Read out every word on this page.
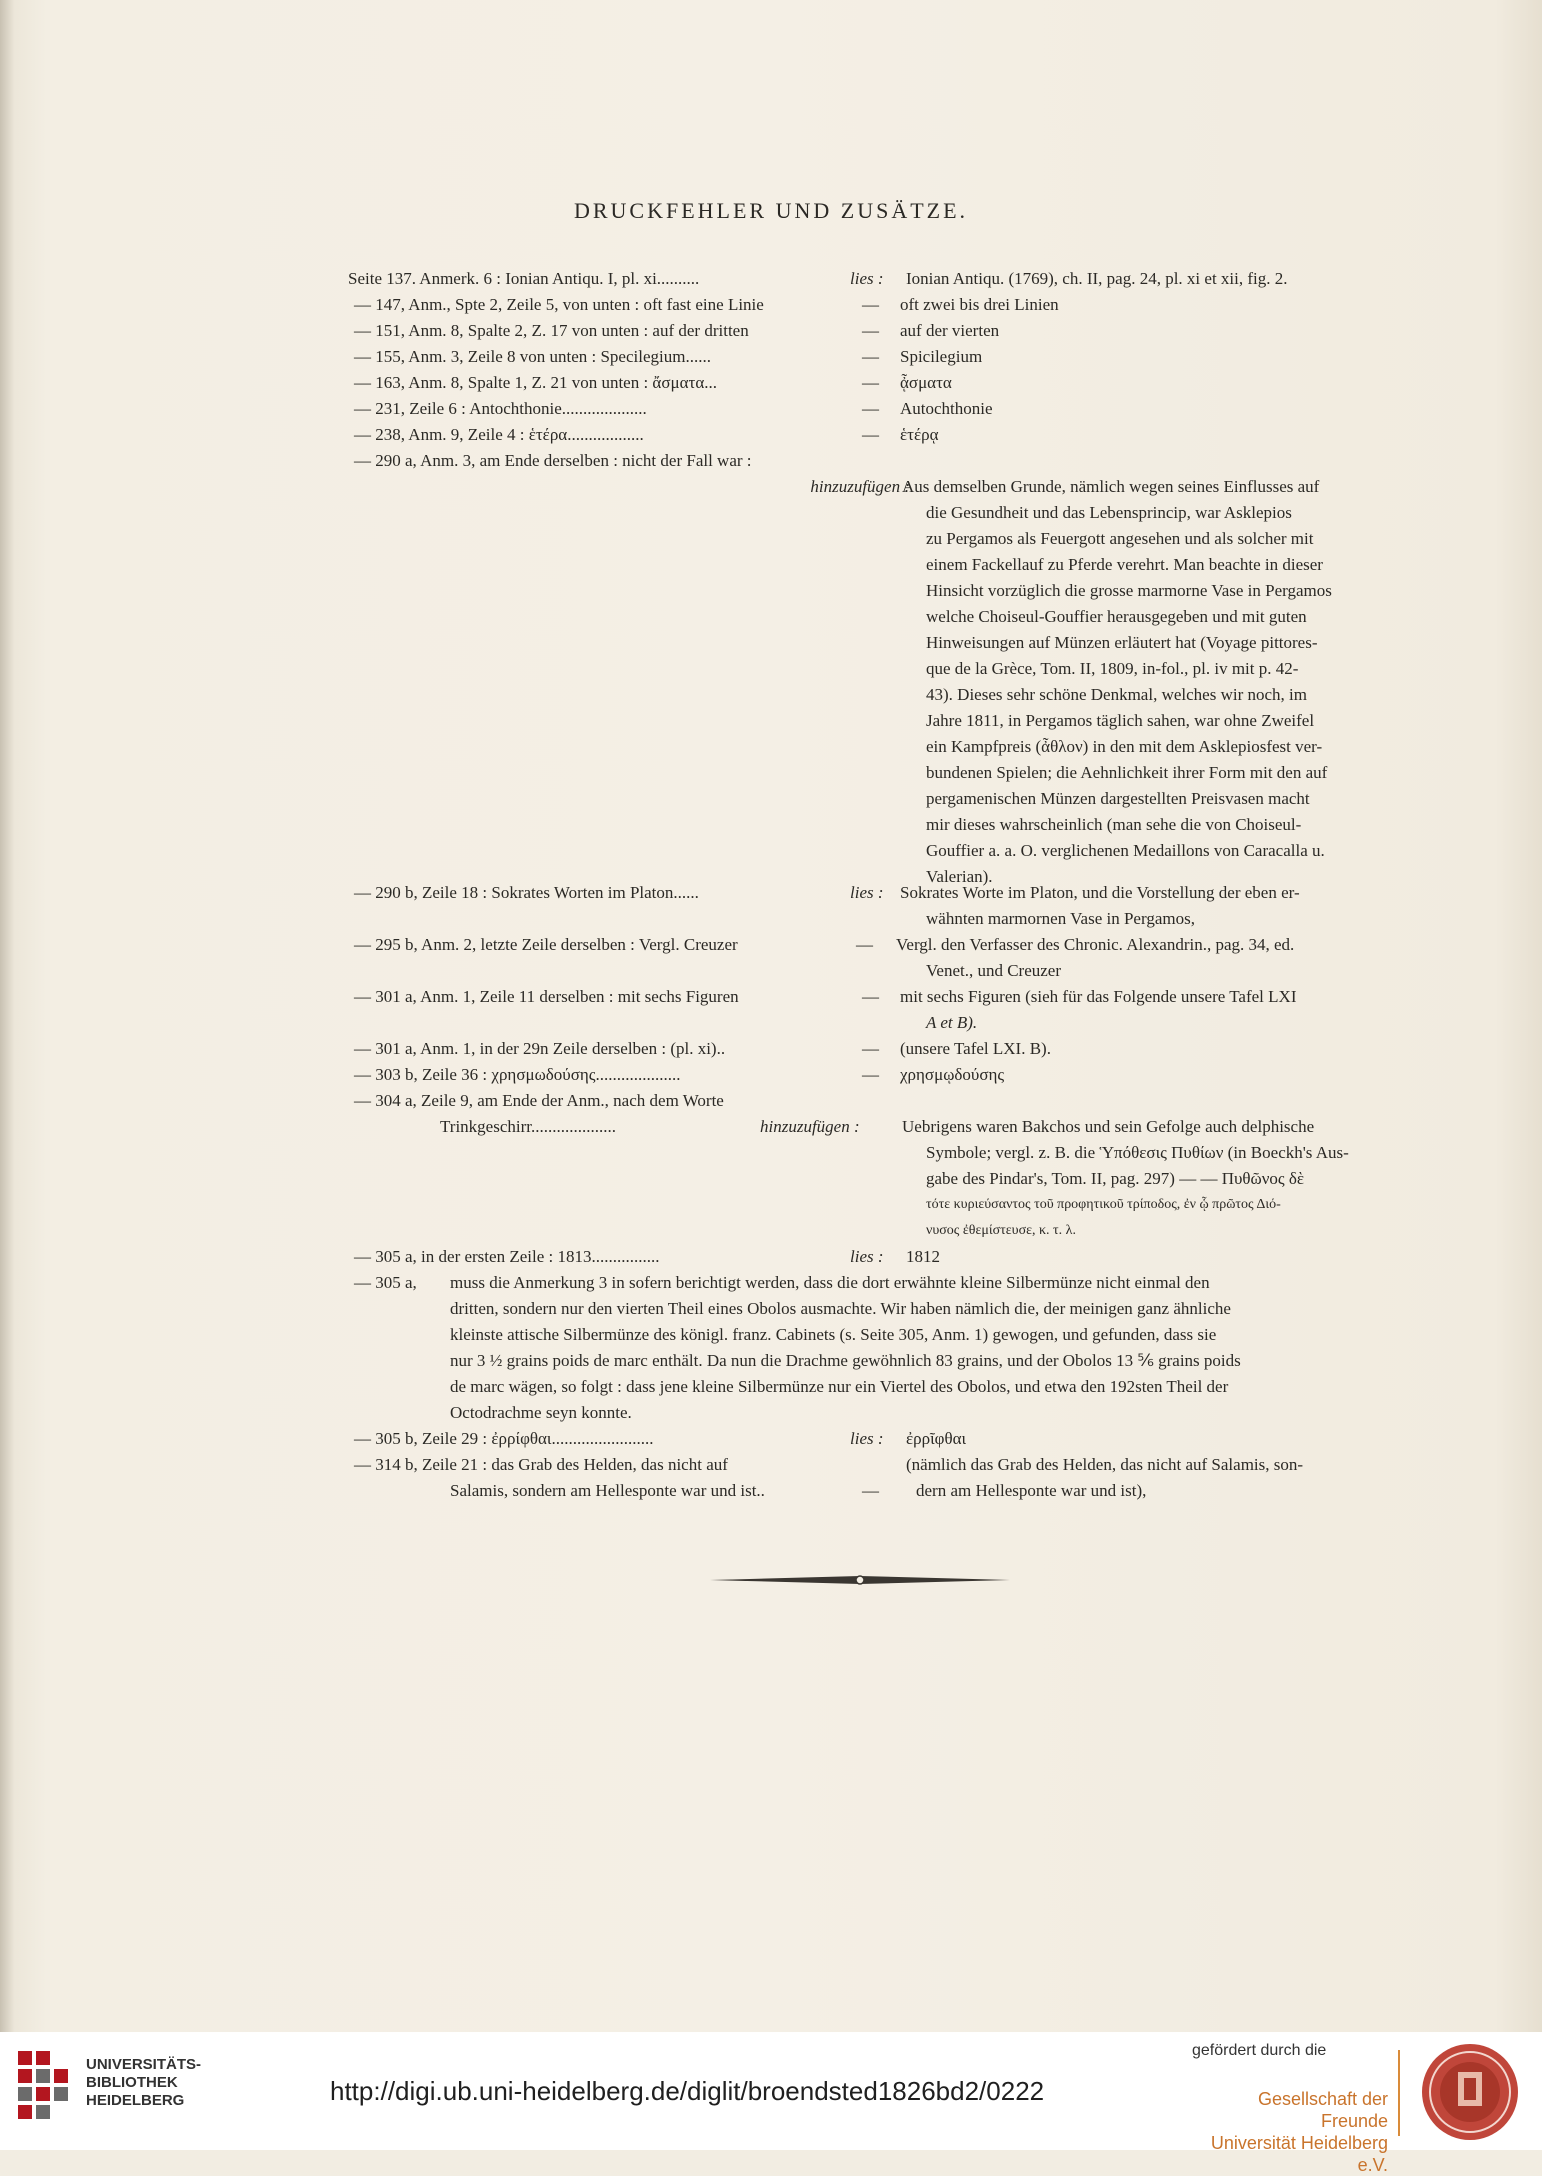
DRUCKFEHLER UND ZUSÄTZE.
Seite 137. Anmerk. 6 : Ionian Antiqu. I, pl. xi..........	lies : Ionian Antiqu. (1769), ch. II, pag. 24, pl. xi et xii, fig. 2.
— 147, Anm., Spte 2, Zeile 5, von unten : oft fast eine Linie	— oft zwei bis drei Linien
— 151, Anm. 8, Spalte 2, Z. 17 von unten : auf der dritten	— auf der vierten
— 155, Anm. 3, Zeile 8 von unten : Specilegium......	— Spicilegium
— 163, Anm. 8, Spalte 1, Z. 21 von unten : ἄσματα...	— ᾆσματα
— 231, Zeile 6 : Antochthonie....................	— Autochthonie
— 238, Anm. 9, Zeile 4 : ἑτέρα..................	— ἑτέρᾳ
— 290 a, Anm. 3, am Ende derselben : nicht der Fall war :
hinzuzufügen :

Aus demselben Grunde, nämlich wegen seines Einflusses auf

die Gesundheit und das Lebensprincip, war Asklepios

zu Pergamos als Feuergott angesehen und als solcher mit

einem Fackellauf zu Pferde verehrt. Man beachte in dieser

Hinsicht vorzüglich die grosse marmorne Vase in Pergamos

welche Choiseul-Gouffier herausgegeben und mit guten

Hinweisungen auf Münzen erläutert hat (Voyage pittores-

que de la Grèce, Tom. II, 1809, in-fol., pl. iv mit p. 42-

43). Dieses sehr schöne Denkmal, welches wir noch, im

Jahre 1811, in Pergamos täglich sahen, war ohne Zweifel

ein Kampfpreis (ἆθλον) in den mit dem Asklepiosfest ver-

bundenen Spielen; die Aehnlichkeit ihrer Form mit den auf

pergamenischen Münzen dargestellten Preisvasen macht

mir dieses wahrscheinlich (man sehe die von Choiseul-

Gouffier a. a. O. verglichenen Medaillons von Caracalla u.

Valerian).

— 290 b, Zeile 18 : Sokrates Worten im Platon......	lies : Sokrates Worte im Platon, und die Vorstellung der eben er-
wähnten marmornen Vase in Pergamos,
— 295 b, Anm. 2, letzte Zeile derselben : Vergl. Creuzer	— Vergl. den Verfasser des Chronic. Alexandrin., pag. 34, ed.
Venet., und Creuzer
— 301 a, Anm. 1, Zeile 11 derselben : mit sechs Figuren	— mit sechs Figuren (sieh für das Folgende unsere Tafel LXI
A et B).
— 301 a, Anm. 1, in der 29n Zeile derselben : (pl. xi)..	— (unsere Tafel LXI. B).
— 303 b, Zeile 36 : χρησμωδούσης....................	— χρησμῳδούσης
— 304 a, Zeile 9, am Ende der Anm., nach dem Worte
Trinkgeschirr....................	hinzuzufügen : Uebrigens waren Bakchos und sein Gefolge auch delphische

Symbole; vergl. z. B. die Ὑπόθεσις Πυθίων (in Boeckh's Aus-

gabe des Pindar's, Tom. II, pag. 297) — — Πυθῶνος δὲ

τότε κυριεύσαντος τοῦ προφητικοῦ τρίποδος, ἐν ᾧ πρῶτος Διό-

νυσος ἐθεμίστευσε, κ. τ. λ.

— 305 a, in der ersten Zeile : 1813................	lies : 1812
— 305 a, muss die Anmerkung 3 in sofern berichtigt werden, dass die dort erwähnte kleine Silbermünze nicht einmal den

dritten, sondern nur den vierten Theil eines Obolos ausmachte. Wir haben nämlich die, der meinigen ganz ähnliche

kleinste attische Silbermünze des königl. franz. Cabinets (s. Seite 305, Anm. 1) gewogen, und gefunden, dass sie

nur 3 ½ grains poids de marc enthält. Da nun die Drachme gewöhnlich 83 grains, und der Obolos 13 ⅚ grains poids

de marc wägen, so folgt : dass jene kleine Silbermünze nur ein Viertel des Obolos, und etwa den 192sten Theil der

Octodrachme seyn konnte.

— 305 b, Zeile 29 : ἐρρίφθαι........................	lies : ἐρρῖφθαι
— 314 b, Zeile 21 : das Grab des Helden, das nicht auf	(nämlich das Grab des Helden, das nicht auf Salamis, son-
Salamis, sondern am Hellesponte war und ist..	— dern am Hellesponte war und ist),
UNIVERSITÄTS-
BIBLIOTHEK
HEIDELBERG	http://digi.ub.uni-heidelberg.de/diglit/broendsted1826bd2/0222
gefördert durch die
Gesellschaft der Freunde
Universität Heidelberg e.V.
